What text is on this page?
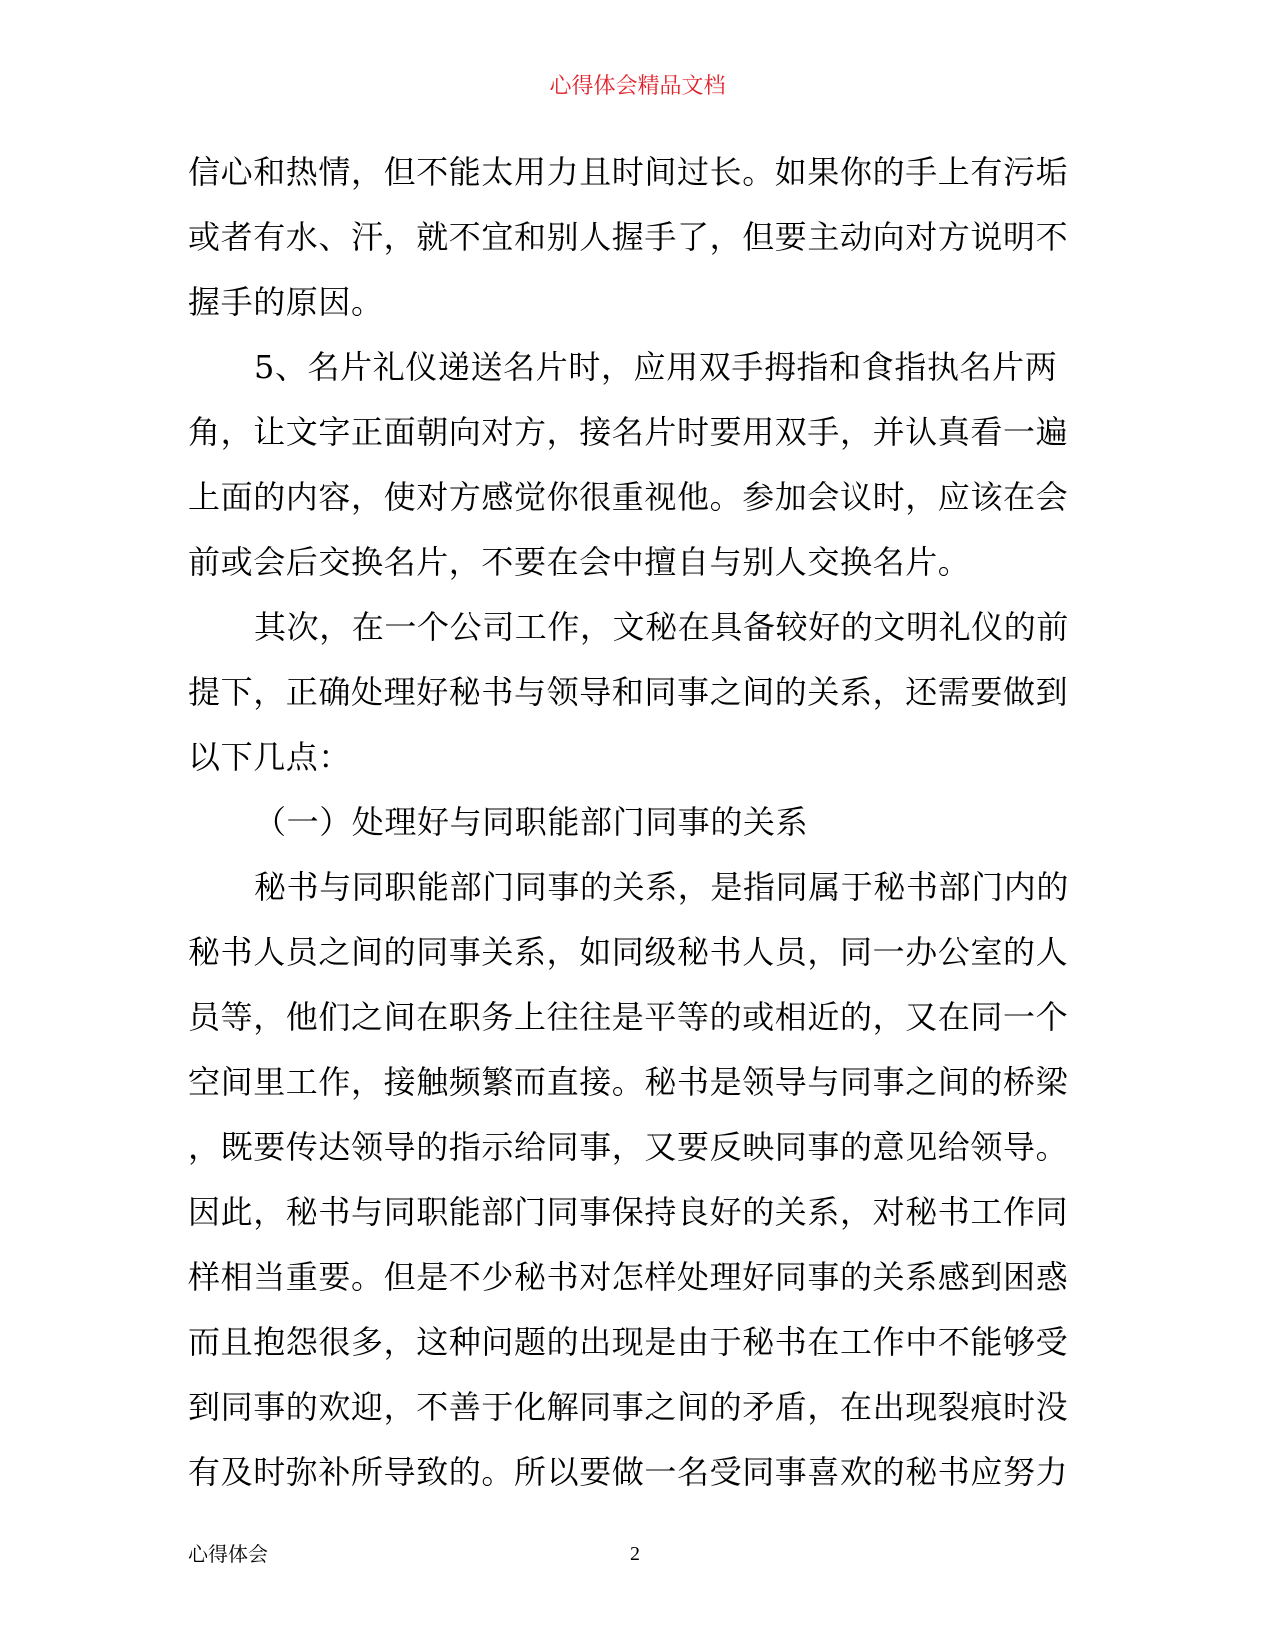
心得体会精品文档
信心和热情，但不能太用力且时间过长。如果你的手上有污垢
或者有水、汗，就不宜和别人握手了，但要主动向对方说明不
握手的原因。
5、名片礼仪递送名片时，应用双手拇指和食指执名片两
角，让文字正面朝向对方，接名片时要用双手，并认真看一遍
上面的内容，使对方感觉你很重视他。参加会议时，应该在会
前或会后交换名片，不要在会中擅自与别人交换名片。
其次，在一个公司工作，文秘在具备较好的文明礼仪的前
提下，正确处理好秘书与领导和同事之间的关系，还需要做到
以下几点：
（一）处理好与同职能部门同事的关系
秘书与同职能部门同事的关系，是指同属于秘书部门内的
秘书人员之间的同事关系，如同级秘书人员，同一办公室的人
员等，他们之间在职务上往往是平等的或相近的，又在同一个
空间里工作，接触频繁而直接。秘书是领导与同事之间的桥梁
，既要传达领导的指示给同事，又要反映同事的意见给领导。
因此，秘书与同职能部门同事保持良好的关系，对秘书工作同
样相当重要。但是不少秘书对怎样处理好同事的关系感到困惑
而且抱怨很多，这种问题的出现是由于秘书在工作中不能够受
到同事的欢迎，不善于化解同事之间的矛盾，在出现裂痕时没
有及时弥补所导致的。所以要做一名受同事喜欢的秘书应努力
心得体会	2
